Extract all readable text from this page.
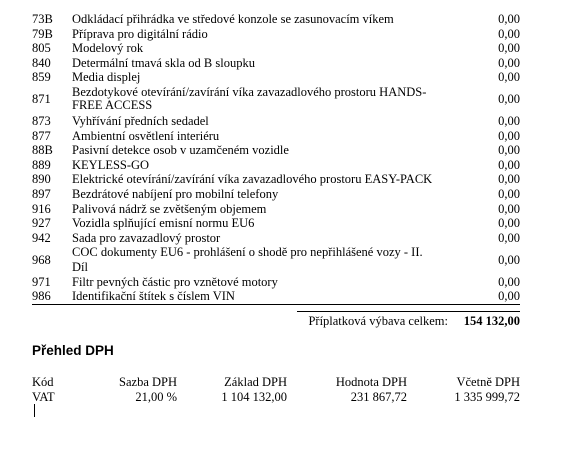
73B	Odkládací přihrádka ve středové konzole se zasunovacím víkem	0,00
79B	Příprava pro digitální rádio	0,00
805	Modelový rok	0,00
840	Determální tmavá skla od B sloupku	0,00
859	Media displej	0,00
871	Bezdotykové otevírání/zavírání víka zavazadlového prostoru HANDS-FREE ACCESS	0,00
873	Vyhřívání předních sedadel	0,00
877	Ambientní osvětlení interiéru	0,00
88B	Pasivní detekce osob v uzamčeném vozidle	0,00
889	KEYLESS-GO	0,00
890	Elektrické otevírání/zavírání víka zavazadlového prostoru EASY-PACK	0,00
897	Bezdrátové nabíjení pro mobilní telefony	0,00
916	Palivová nádrž se zvětšeným objemem	0,00
927	Vozidla splňující emisní normu EU6	0,00
942	Sada pro zavazadlový prostor	0,00
968	COC dokumenty EU6 - prohlášení o shodě pro nepřihlášené vozy - II. Díl	0,00
971	Filtr pevných částic pro vznětové motory	0,00
986	Identifikační štítek s číslem VIN	0,00
Příplatková výbava celkem: 154 132,00
Přehled DPH
Kód	Sazba DPH	Základ DPH	Hodnota DPH	Včetně DPH
VAT	21,00 %	1 104 132,00	231 867,72	1 335 999,72
